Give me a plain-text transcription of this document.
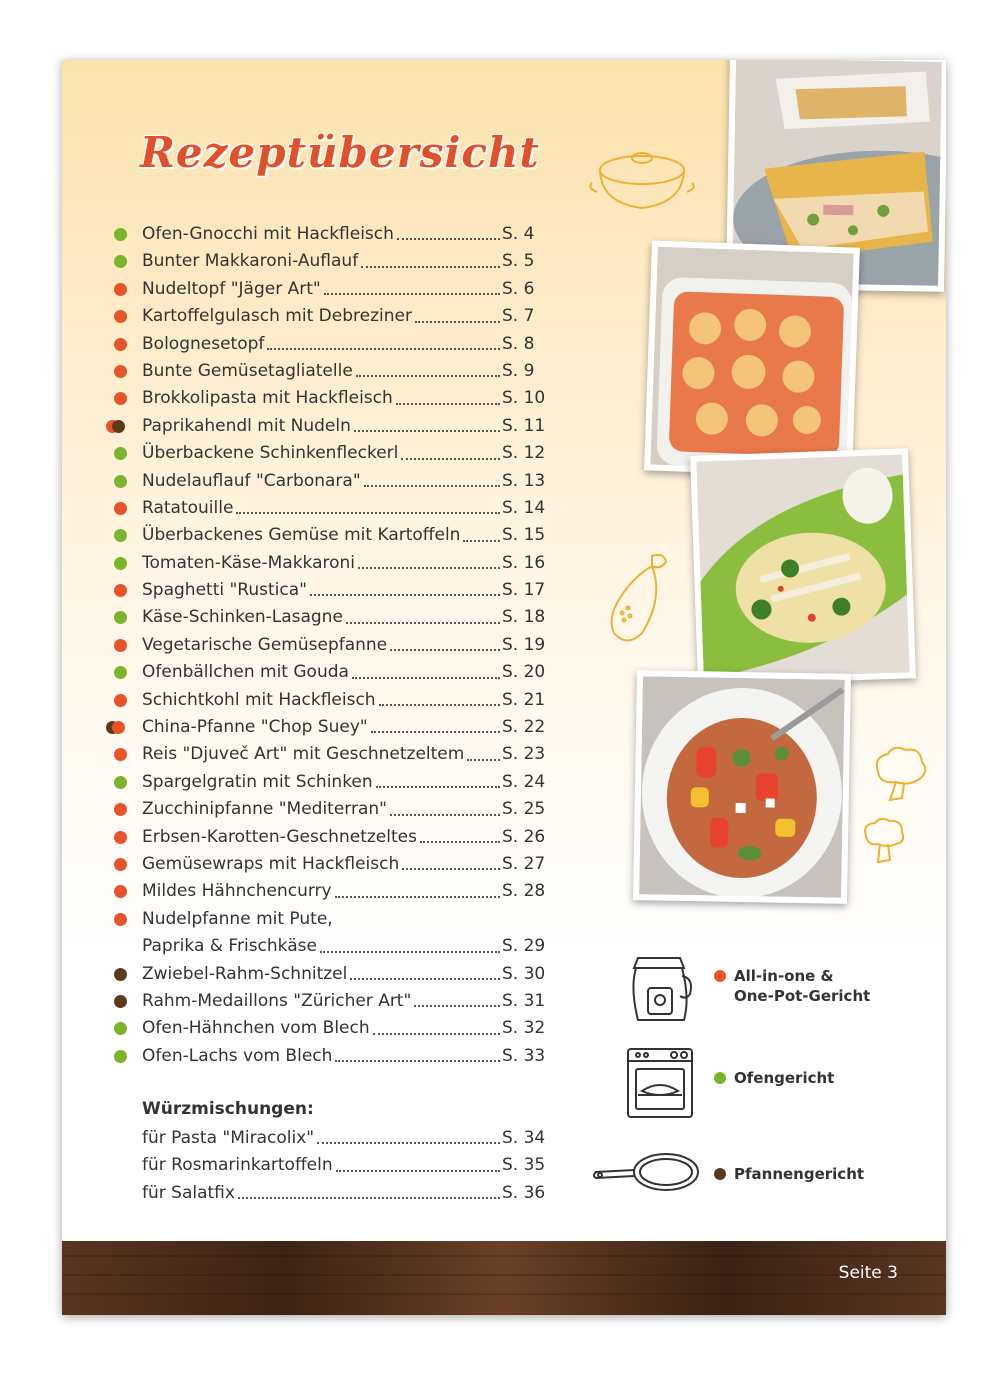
Rezeptübersicht
Ofen-Gnocchi mit Hackfleisch	S. 4
Bunter Makkaroni-Auflauf	S. 5
Nudeltopf "Jäger Art"	S. 6
Kartoffelgulasch mit Debreziner	S. 7
Bolognesetopf	S. 8
Bunte Gemüsetagliatelle	S. 9
Brokkolipasta mit Hackfleisch	S. 10
Paprikahendl mit Nudeln	S. 11
Überbackene Schinkenfleckerl	S. 12
Nudelauflauf "Carbonara"	S. 13
Ratatouille	S. 14
Überbackenes Gemüse mit Kartoffeln S. 15
Tomaten-Käse-Makkaroni	S. 16
Spaghetti "Rustica"	S. 17
Käse-Schinken-Lasagne	S. 18
Vegetarische Gemüsepfanne	S. 19
Ofenbällchen mit Gouda	S. 20
Schichtkohl mit Hackfleisch	S. 21
China-Pfanne "Chop Suey"	S. 22
Reis "Djuveč Art" mit Geschnetzeltem S. 23
Spargelgratin mit Schinken	S. 24
Zucchinipfanne "Mediterran"	S. 25
Erbsen-Karotten-Geschnetzeltes	S. 26
Gemüsewraps mit Hackfleisch	S. 27
Mildes Hähnchencurry	S. 28
Nudelpfanne mit Pute,
Paprika & Frischkäse	S. 29
Zwiebel-Rahm-Schnitzel	S. 30
Rahm-Medaillons "Züricher Art"	S. 31
Ofen-Hähnchen vom Blech	S. 32
Ofen-Lachs vom Blech	S. 33
Würzmischungen:
für Pasta "Miracolix"	S. 34
für Rosmarinkartoffeln	S. 35
für Salatfix	S. 36
All-in-one &
One-Pot-Gericht
Ofengericht
Pfannengericht
Seite 3
